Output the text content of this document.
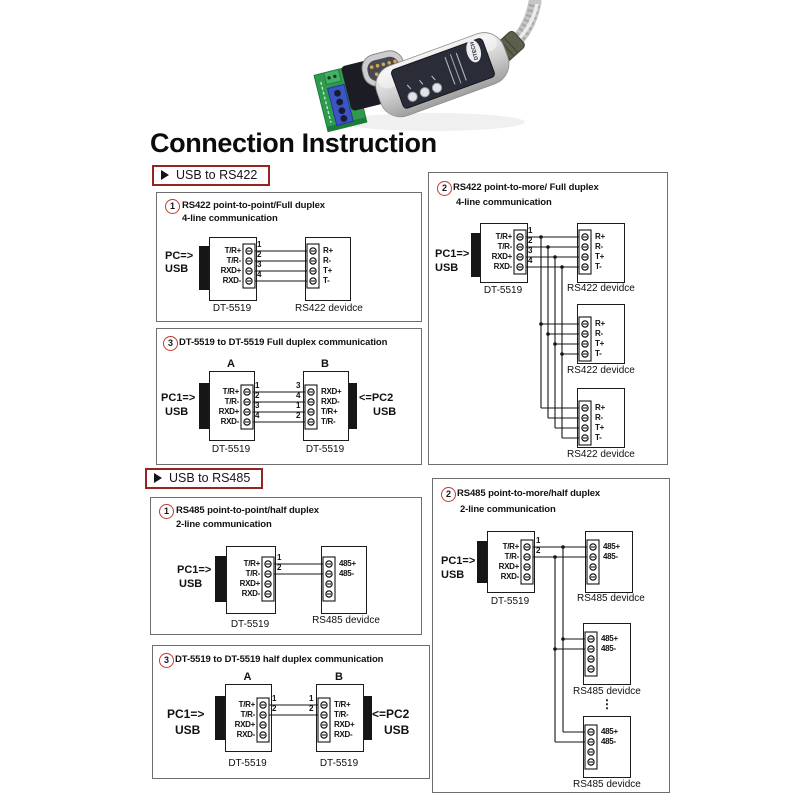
DTECH
Connection Instruction
USB to RS422
USB to RS485
1 RS422 point-to-point/Full duplex
4-line communication
PC=>
USB
T/R+
T/R-
RXD+
RXD-
1
2
3
4
R+
R-
T+
T-
DT-5519	RS422 devidce
3 DT-5519 to DT-5519 Full duplex communication
A	B
PC1=>
USB
<=PC2
USB
T/R+
T/R-
RXD+
RXD-
1
2
3
4
3
4
1
2
RXD+
RXD-
T/R+
T/R-
DT-5519	DT-5519
2 RS422 point-to-more/ Full duplex
4-line communication
PC1=>
USB
T/R+
T/R-
RXD+
RXD-
1
2
3
4
R+
R-
T+
T-
R+
R-
T+
T-
R+
R-
T+
T-
DT-5519	RS422 devidce
RS422 devidce
RS422 devidce
1 RS485 point-to-point/half duplex
2-line communication
PC1=>
USB
T/R+
T/R-
RXD+
RXD-
1
2	485+
485-
DT-5519	RS485 devidce
3 DT-5519 to DT-5519 half duplex communication
A	B
PC1=>
USB
<=PC2
USB
T/R+
T/R-
RXD+
RXD-
1
2
1
2	T/R+
T/R-
RXD+
RXD-
DT-5519	DT-5519
2 RS485 point-to-more/half duplex
2-line communication
PC1=>
USB
T/R+
T/R-
RXD+
RXD-
1
2	485+
485-
485+
485-
485+
485-
DT-5519	RS485 devidce
RS485 devidce
⋮
RS485 devidce
